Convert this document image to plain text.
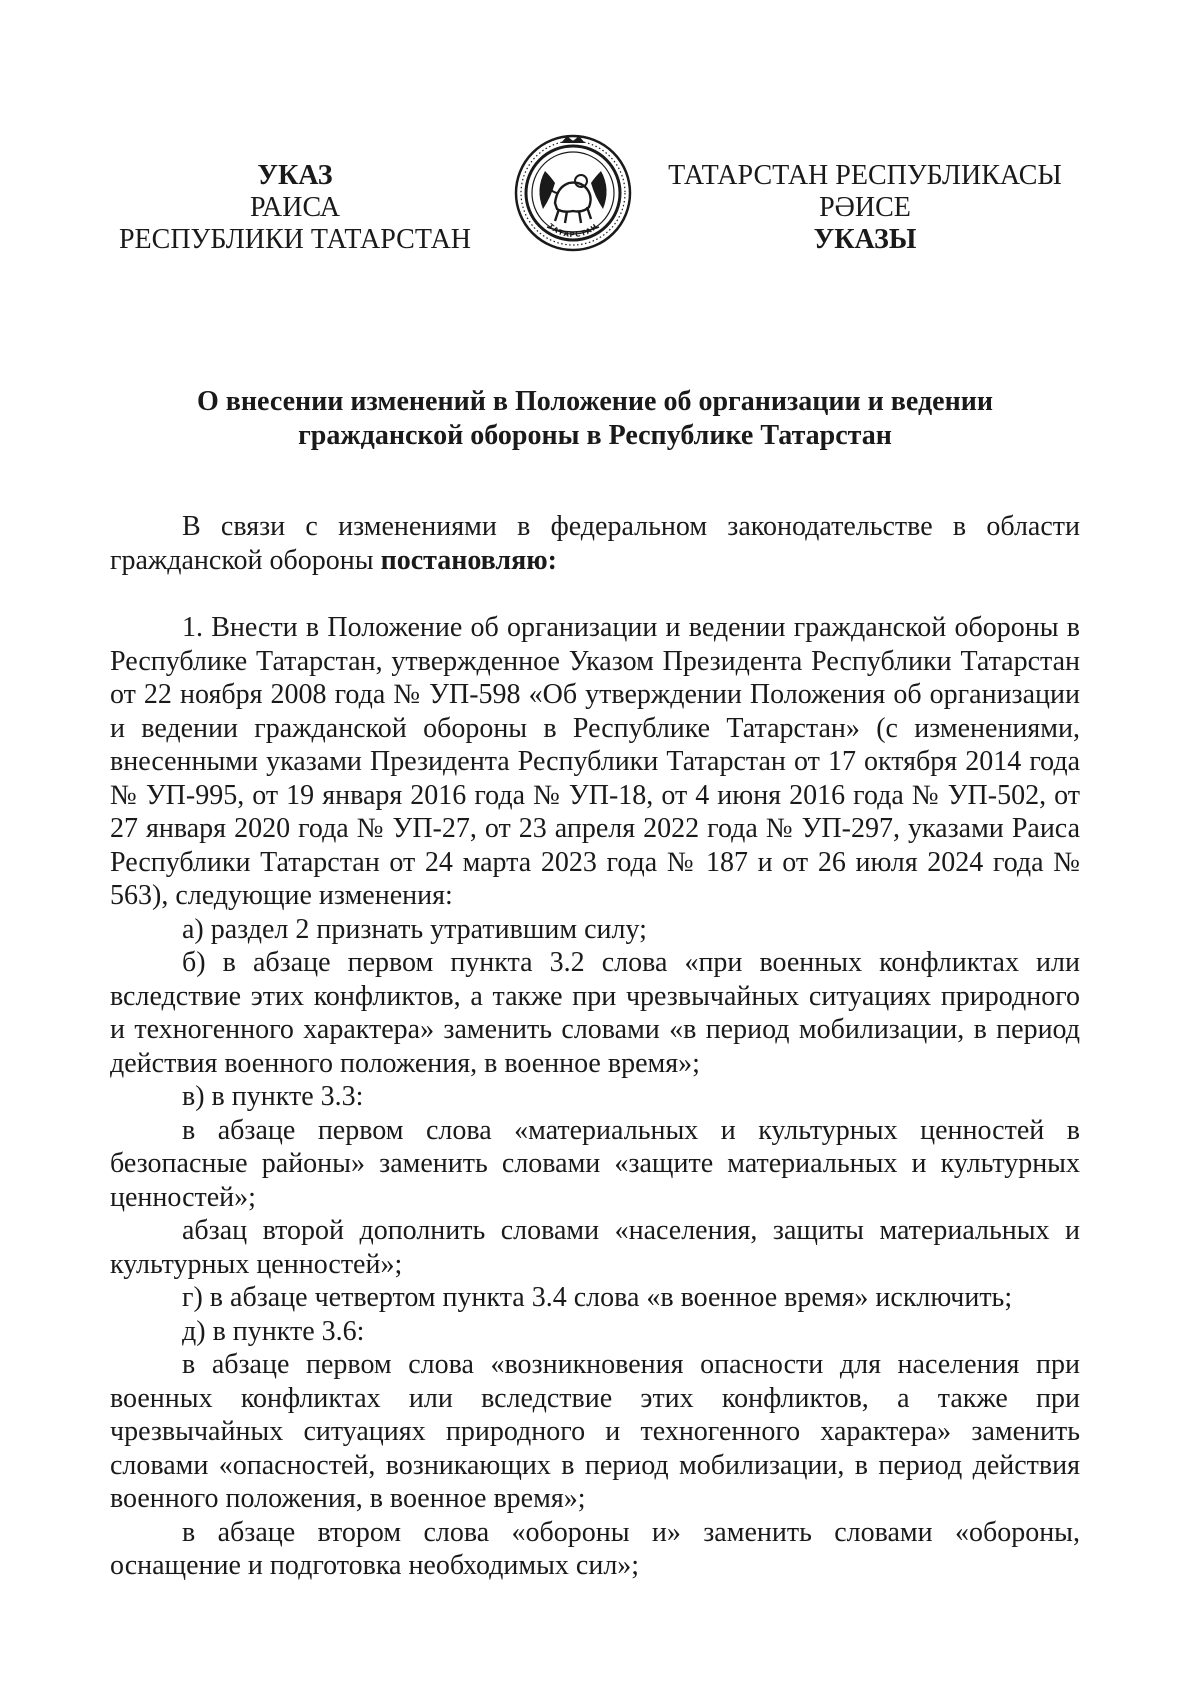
УКАЗ
РАИСА
РЕСПУБЛИКИ ТАТАРСТАН	ТАТАРСТАН
ТАТАРСТАН РЕСПУБЛИКАСЫ
РӘИСЕ
УКАЗЫ
О внесении изменений в Положение об организации и ведении
гражданской обороны в Республике Татарстан

В связи с изменениями в федеральном законодательстве в области гражданской обороны постановляю:

1. Внести в Положение об организации и ведении гражданской обороны в Республике Татарстан, утвержденное Указом Президента Республики Татарстан от 22 ноября 2008 года № УП-598 «Об утверждении Положения об организации и ведении гражданской обороны в Республике Татарстан» (с изменениями, внесенными указами Президента Республики Татарстан от 17 октября 2014 года № УП-995, от 19 января 2016 года № УП-18, от 4 июня 2016 года № УП-502, от 27 января 2020 года № УП-27, от 23 апреля 2022 года № УП-297, указами Раиса Республики Татарстан от 24 марта 2023 года № 187 и от 26 июля 2024 года № 563), следующие изменения:

а) раздел 2 признать утратившим силу;

б) в абзаце первом пункта 3.2 слова «при военных конфликтах или вследствие этих конфликтов, а также при чрезвычайных ситуациях природного и техногенного характера» заменить словами «в период мобилизации, в период действия военного положения, в военное время»;

в) в пункте 3.3:

в абзаце первом слова «материальных и культурных ценностей в безопасные районы» заменить словами «защите материальных и культурных ценностей»;

абзац второй дополнить словами «населения, защиты материальных и культурных ценностей»;

г) в абзаце четвертом пункта 3.4 слова «в военное время» исключить;

д) в пункте 3.6:

в абзаце первом слова «возникновения опасности для населения при военных конфликтах или вследствие этих конфликтов, а также при чрезвычайных ситуациях природного и техногенного характера» заменить словами «опасностей, возникающих в период мобилизации, в период действия военного положения, в военное время»;

в абзаце втором слова «обороны и» заменить словами «обороны, оснащение и подготовка необходимых сил»;
